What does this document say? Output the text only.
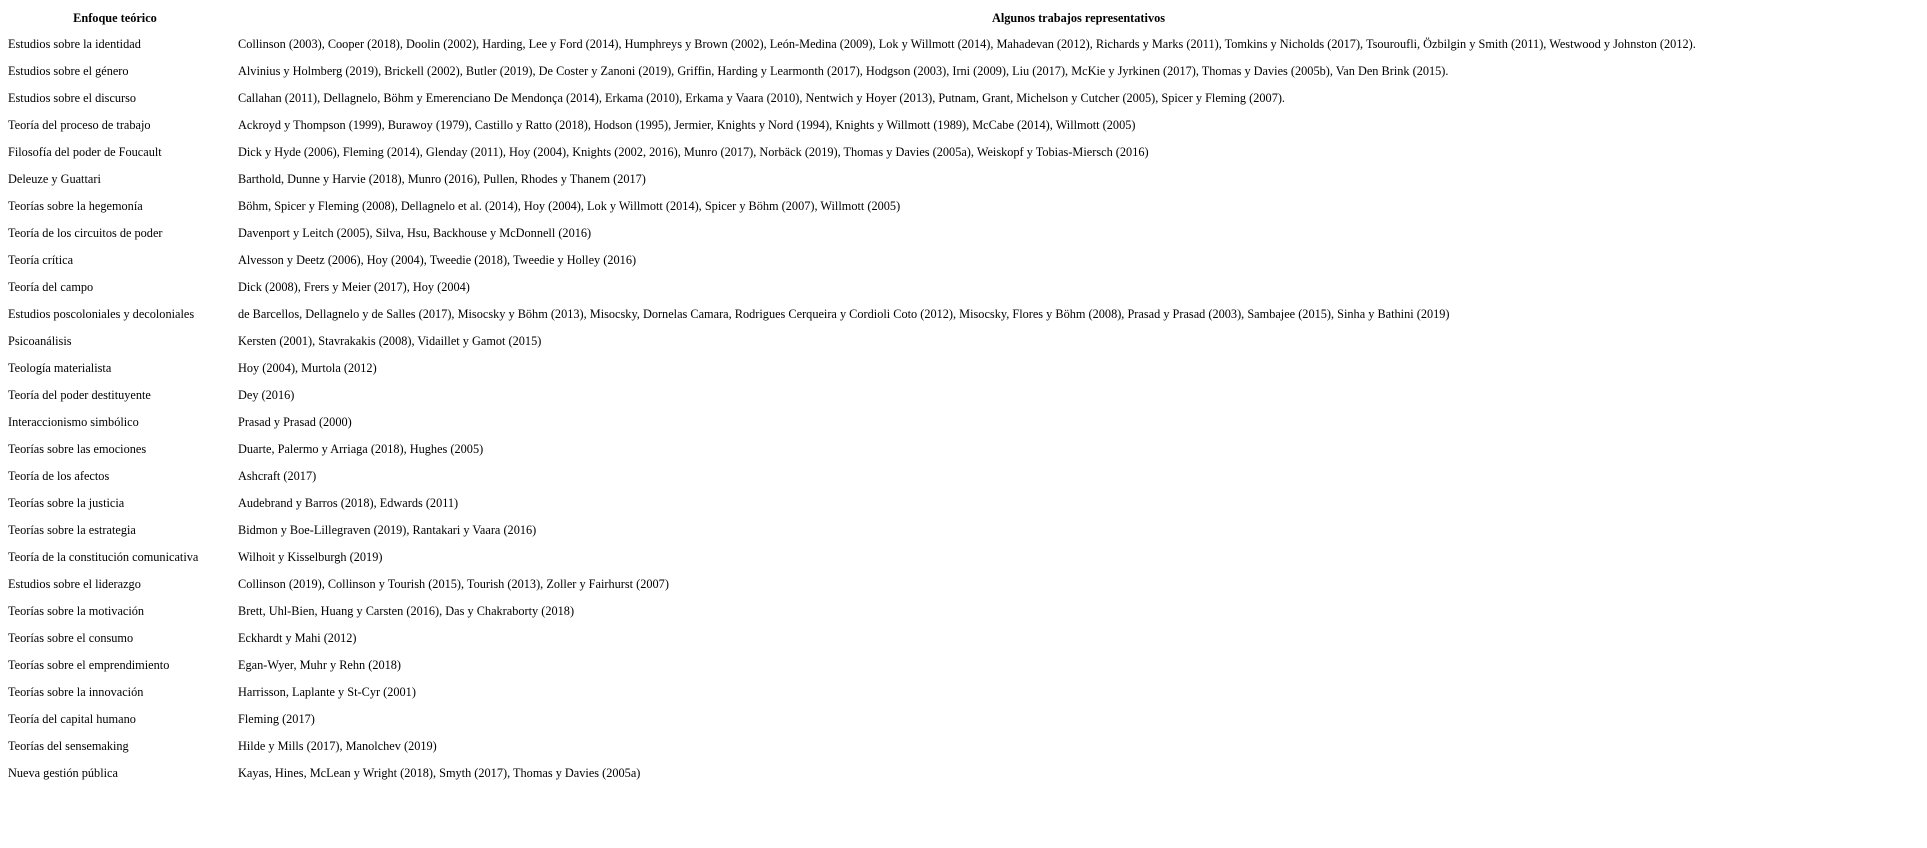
Enfoque teórico	Algunos trabajos representativos
Estudios sobre la identidad	Collinson (2003), Cooper (2018), Doolin (2002), Harding, Lee y Ford (2014), Humphreys y Brown (2002), León-Medina (2009), Lok y Willmott (2014), Mahadevan (2012), Richards y Marks (2011), Tomkins y Nicholds (2017), Tsouroufli, Özbilgin y Smith (2011), Westwood y Johnston (2012).
Estudios sobre el género	Alvinius y Holmberg (2019), Brickell (2002), Butler (2019), De Coster y Zanoni (2019), Griffin, Harding y Learmonth (2017), Hodgson (2003), Irni (2009), Liu (2017), McKie y Jyrkinen (2017), Thomas y Davies (2005b), Van Den Brink (2015).
Estudios sobre el discurso	Callahan (2011), Dellagnelo, Böhm y Emerenciano De Mendonça (2014), Erkama (2010), Erkama y Vaara (2010), Nentwich y Hoyer (2013), Putnam, Grant, Michelson y Cutcher (2005), Spicer y Fleming (2007).
Teoría del proceso de trabajo	Ackroyd y Thompson (1999), Burawoy (1979), Castillo y Ratto (2018), Hodson (1995), Jermier, Knights y Nord (1994), Knights y Willmott (1989), McCabe (2014), Willmott (2005)
Filosofía del poder de Foucault	Dick y Hyde (2006), Fleming (2014), Glenday (2011), Hoy (2004), Knights (2002, 2016), Munro (2017), Norbäck (2019), Thomas y Davies (2005a), Weiskopf y Tobias-Miersch (2016)
Deleuze y Guattari	Barthold, Dunne y Harvie (2018), Munro (2016), Pullen, Rhodes y Thanem (2017)
Teorías sobre la hegemonía	Böhm, Spicer y Fleming (2008), Dellagnelo et al. (2014), Hoy (2004), Lok y Willmott (2014), Spicer y Böhm (2007), Willmott (2005)
Teoría de los circuitos de poder	Davenport y Leitch (2005), Silva, Hsu, Backhouse y McDonnell (2016)
Teoría crítica	Alvesson y Deetz (2006), Hoy (2004), Tweedie (2018), Tweedie y Holley (2016)
Teoría del campo	Dick (2008), Frers y Meier (2017), Hoy (2004)
Estudios poscoloniales y decoloniales	de Barcellos, Dellagnelo y de Salles (2017), Misocsky y Böhm (2013), Misocsky, Dornelas Camara, Rodrigues Cerqueira y Cordioli Coto (2012), Misocsky, Flores y Böhm (2008), Prasad y Prasad (2003), Sambajee (2015), Sinha y Bathini (2019)
Psicoanálisis	Kersten (2001), Stavrakakis (2008), Vidaillet y Gamot (2015)
Teología materialista	Hoy (2004), Murtola (2012)
Teoría del poder destituyente	Dey (2016)
Interaccionismo simbólico	Prasad y Prasad (2000)
Teorías sobre las emociones	Duarte, Palermo y Arriaga (2018), Hughes (2005)
Teoría de los afectos	Ashcraft (2017)
Teorías sobre la justicia	Audebrand y Barros (2018), Edwards (2011)
Teorías sobre la estrategia	Bidmon y Boe-Lillegraven (2019), Rantakari y Vaara (2016)
Teoría de la constitución comunicativa	Wilhoit y Kisselburgh (2019)
Estudios sobre el liderazgo	Collinson (2019), Collinson y Tourish (2015), Tourish (2013), Zoller y Fairhurst (2007)
Teorías sobre la motivación	Brett, Uhl-Bien, Huang y Carsten (2016), Das y Chakraborty (2018)
Teorías sobre el consumo	Eckhardt y Mahi (2012)
Teorías sobre el emprendimiento	Egan-Wyer, Muhr y Rehn (2018)
Teorías sobre la innovación	Harrisson, Laplante y St-Cyr (2001)
Teoría del capital humano	Fleming (2017)
Teorías del sensemaking	Hilde y Mills (2017), Manolchev (2019)
Nueva gestión pública	Kayas, Hines, McLean y Wright (2018), Smyth (2017), Thomas y Davies (2005a)
